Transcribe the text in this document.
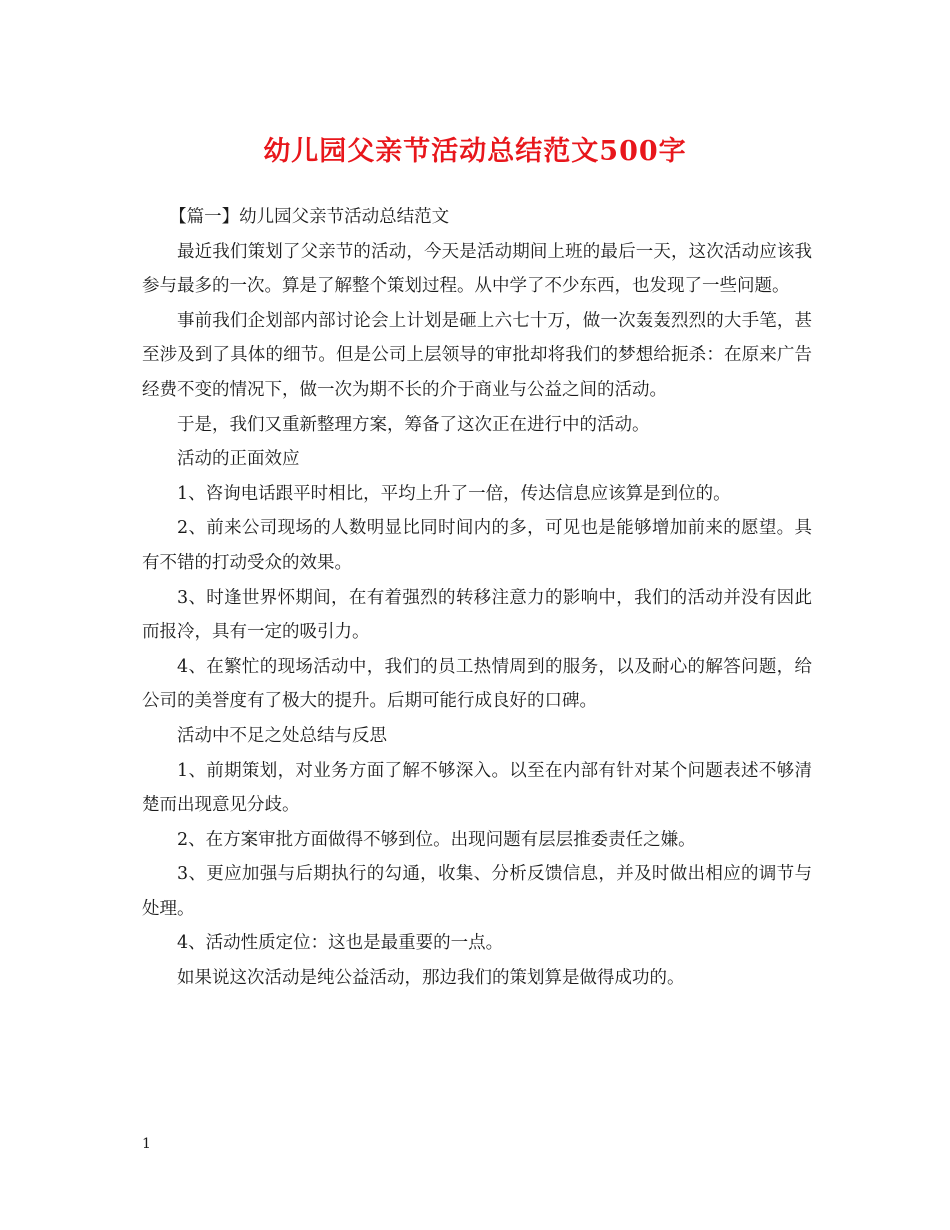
幼儿园父亲节活动总结范文500字

【篇一】幼儿园父亲节活动总结范文

最近我们策划了父亲节的活动，今天是活动期间上班的最后一天，这次活动应该我参与最多的一次。算是了解整个策划过程。从中学了不少东西，也发现了一些问题。

事前我们企划部内部讨论会上计划是砸上六七十万，做一次轰轰烈烈的大手笔，甚至涉及到了具体的细节。但是公司上层领导的审批却将我们的梦想给扼杀：在原来广告经费不变的情况下，做一次为期不长的介于商业与公益之间的活动。

于是，我们又重新整理方案，筹备了这次正在进行中的活动。

活动的正面效应

1、咨询电话跟平时相比，平均上升了一倍，传达信息应该算是到位的。

2、前来公司现场的人数明显比同时间内的多，可见也是能够增加前来的愿望。具有不错的打动受众的效果。

3、时逢世界怀期间，在有着强烈的转移注意力的影响中，我们的活动并没有因此而报冷，具有一定的吸引力。

4、在繁忙的现场活动中，我们的员工热情周到的服务，以及耐心的解答问题，给公司的美誉度有了极大的提升。后期可能行成良好的口碑。

活动中不足之处总结与反思

1、前期策划，对业务方面了解不够深入。以至在内部有针对某个问题表述不够清楚而出现意见分歧。

2、在方案审批方面做得不够到位。出现问题有层层推委责任之嫌。

3、更应加强与后期执行的勾通，收集、分析反馈信息，并及时做出相应的调节与处理。

4、活动性质定位：这也是最重要的一点。

如果说这次活动是纯公益活动，那边我们的策划算是做得成功的。

1
